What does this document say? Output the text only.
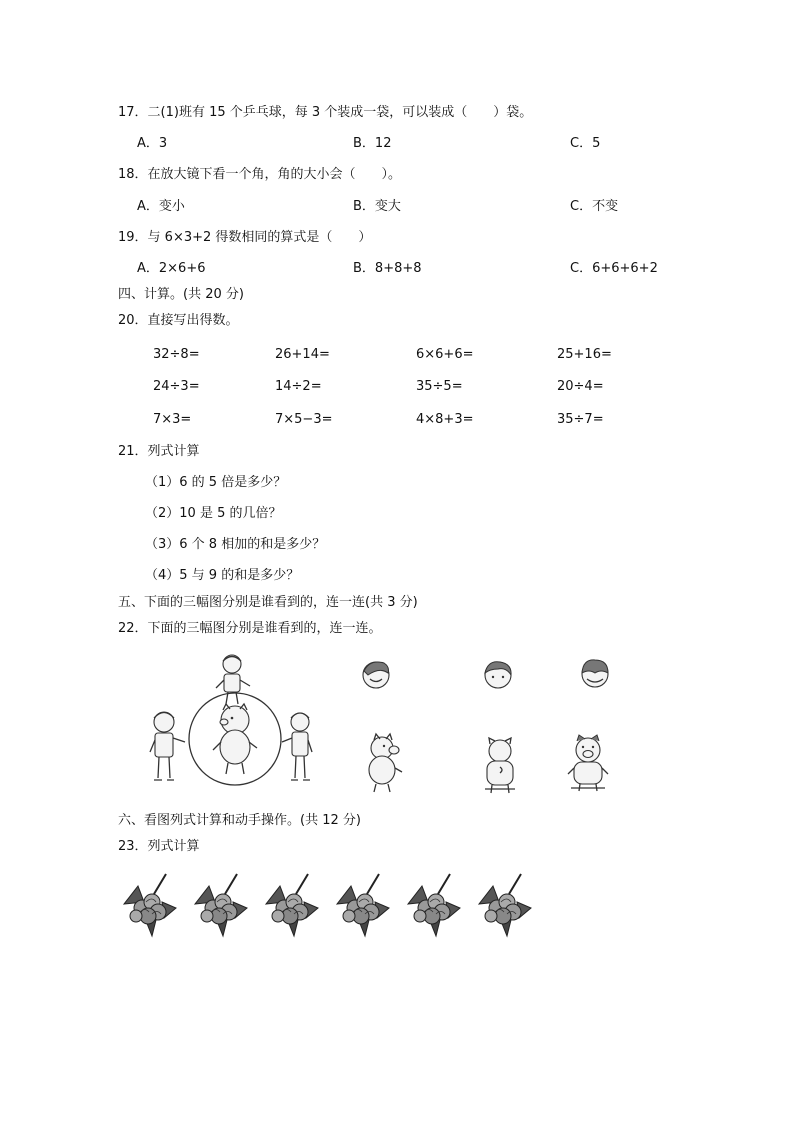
17．二(1)班有 15 个乒乓球，每 3 个装成一袋，可以装成（　　）袋。
A．3	B．12	C．5
18．在放大镜下看一个角，角的大小会（　　）。
A．变小	B．变大	C．不变
19．与 6×3+2 得数相同的算式是（　　）
A．2×6+6	B．8+8+8	C．6+6+6+2
四、计算。(共 20 分)
20．直接写出得数。
32÷8=	26+14=	6×6+6=	25+16=
24÷3=	14÷2=	35÷5=	20÷4=
7×3=	7×5−3=	4×8+3=	35÷7=
21．列式计算
（1）6 的 5 倍是多少？
（2）10 是 5 的几倍？
（3）6 个 8 相加的和是多少？
（4）5 与 9 的和是多少？
五、下面的三幅图分别是谁看到的，连一连(共 3 分)
22．下面的三幅图分别是谁看到的，连一连。
六、看图列式计算和动手操作。(共 12 分)
23．列式计算
